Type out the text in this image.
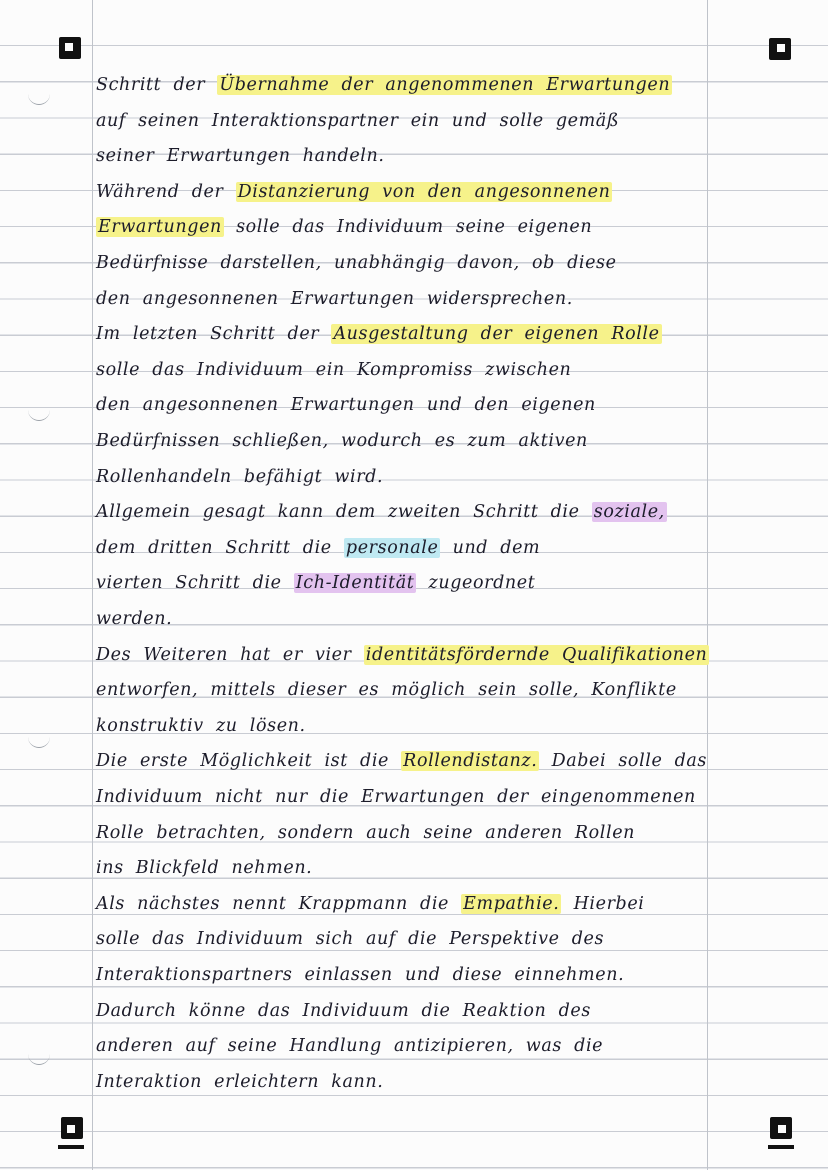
Schritt der Übernahme der angenommenen Erwartungen
auf seinen Interaktionspartner ein und solle gemäß
seiner Erwartungen handeln.
Während der Distanzierung von den angesonnenen
Erwartungen solle das Individuum seine eigenen
Bedürfnisse darstellen, unabhängig davon, ob diese
den angesonnenen Erwartungen widersprechen.
Im letzten Schritt der Ausgestaltung der eigenen Rolle
solle das Individuum ein Kompromiss zwischen
den angesonnenen Erwartungen und den eigenen
Bedürfnissen schließen, wodurch es zum aktiven
Rollenhandeln befähigt wird.
Allgemein gesagt kann dem zweiten Schritt die soziale,
dem dritten Schritt die personale und dem
vierten Schritt die Ich-Identität zugeordnet
werden.
Des Weiteren hat er vier identitätsfördernde Qualifikationen
entworfen, mittels dieser es möglich sein solle, Konflikte
konstruktiv zu lösen.
Die erste Möglichkeit ist die Rollendistanz. Dabei solle das
Individuum nicht nur die Erwartungen der eingenommenen
Rolle betrachten, sondern auch seine anderen Rollen
ins Blickfeld nehmen.
Als nächstes nennt Krappmann die Empathie. Hierbei
solle das Individuum sich auf die Perspektive des
Interaktionspartners einlassen und diese einnehmen.
Dadurch könne das Individuum die Reaktion des
anderen auf seine Handlung antizipieren, was die
Interaktion erleichtern kann.
